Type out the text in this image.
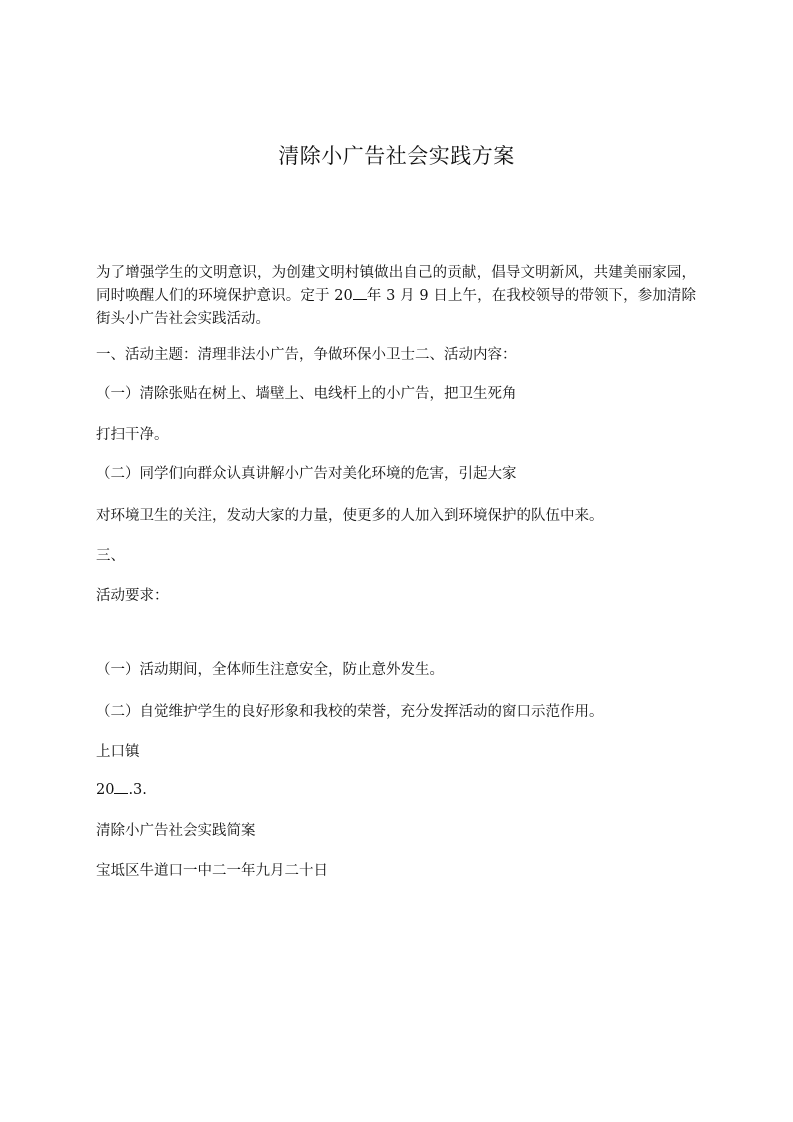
清除小广告社会实践方案

为了增强学生的文明意识，为创建文明村镇做出自己的贡献，倡导文明新风，共建美丽家园，同时唤醒人们的环境保护意识。定于 20 年 3 月 9 日上午，在我校领导的带领下，参加清除街头小广告社会实践活动。

一、活动主题：清理非法小广告，争做环保小卫士二、活动内容：

（一）清除张贴在树上、墙壁上、电线杆上的小广告，把卫生死角

打扫干净。

（二）同学们向群众认真讲解小广告对美化环境的危害，引起大家

对环境卫生的关注，发动大家的力量，使更多的人加入到环境保护的队伍中来。

三、

活动要求：

（一）活动期间，全体师生注意安全，防止意外发生。

（二）自觉维护学生的良好形象和我校的荣誉，充分发挥活动的窗口示范作用。

上口镇

20 .3.

清除小广告社会实践简案

宝坻区牛道口一中二一年九月二十日
